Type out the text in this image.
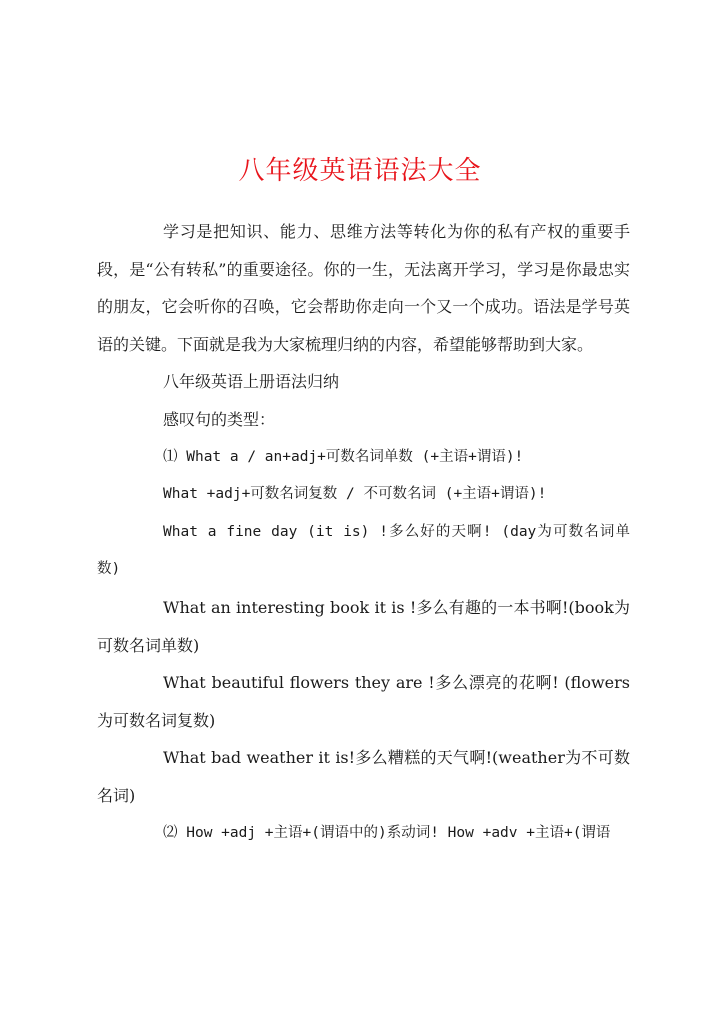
八年级英语语法大全

学习是把知识、能力、思维方法等转化为你的私有产权的重要手段，是“公有转私”的重要途径。你的一生，无法离开学习，学习是你最忠实的朋友，它会听你的召唤，它会帮助你走向一个又一个成功。语法是学号英语的关键。下面就是我为大家梳理归纳的内容，希望能够帮助到大家。

八年级英语上册语法归纳

感叹句的类型：

⑴ What a / an+adj+可数名词单数 (+主语+谓语)!

What +adj+可数名词复数 / 不可数名词 (+主语+谓语)!

What a fine day (it is) !多么好的天啊! (day为可数名词单数)

What an interesting book it is !多么有趣的一本书啊!(book为可数名词单数)

What beautiful flowers they are !多么漂亮的花啊! (flowers为可数名词复数)

What bad weather it is!多么糟糕的天气啊!(weather为不可数名词)

⑵ How +adj +主语+(谓语中的)系动词! How +adv +主语+(谓语
